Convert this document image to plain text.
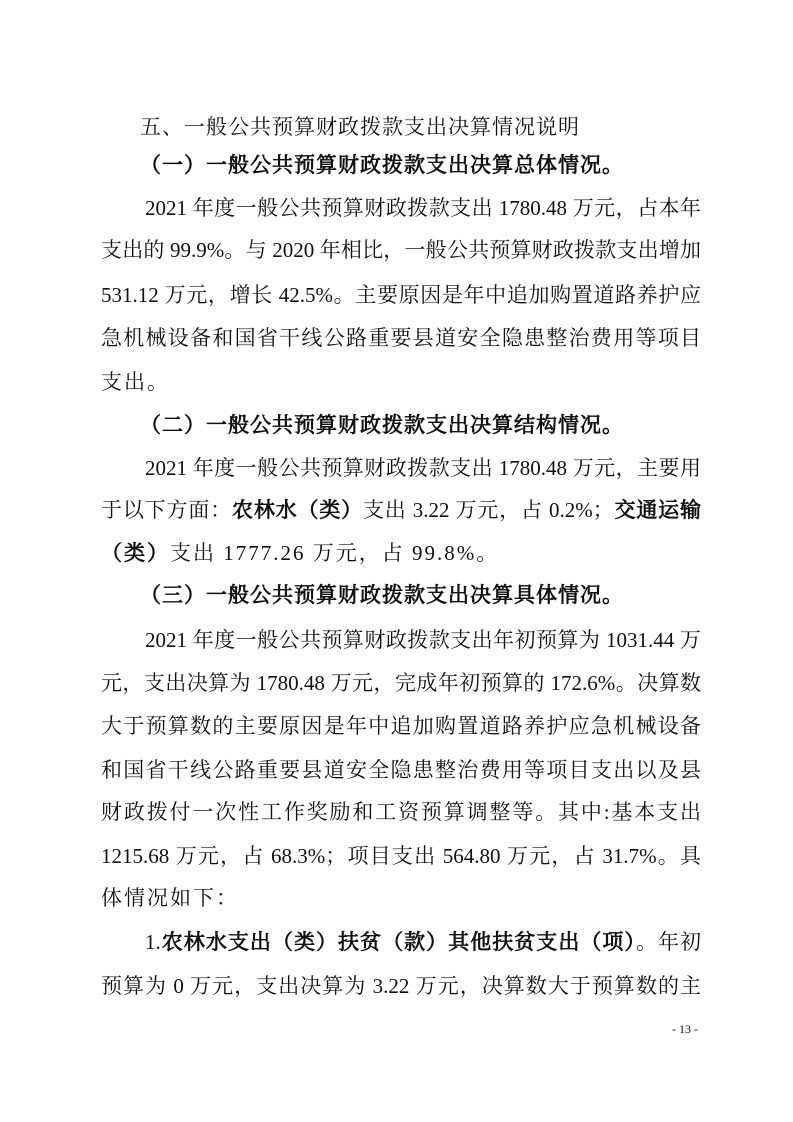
五、一般公共预算财政拨款支出决算情况说明
（一）一般公共预算财政拨款支出决算总体情况。
2021 年度一般公共预算财政拨款支出 1780.48 万元，占本年
支出的 99.9%。与 2020 年相比，一般公共预算财政拨款支出增加
531.12 万元，增长 42.5%。主要原因是年中追加购置道路养护应
急机械设备和国省干线公路重要县道安全隐患整治费用等项目
支出。
（二）一般公共预算财政拨款支出决算结构情况。
2021 年度一般公共预算财政拨款支出 1780.48 万元，主要用
于以下方面：农林水（类）支出 3.22 万元，占 0.2%；交通运输
（类）支出 1777.26 万元，占 99.8%。
（三）一般公共预算财政拨款支出决算具体情况。
2021 年度一般公共预算财政拨款支出年初预算为 1031.44 万
元，支出决算为 1780.48 万元，完成年初预算的 172.6%。决算数
大于预算数的主要原因是年中追加购置道路养护应急机械设备
和国省干线公路重要县道安全隐患整治费用等项目支出以及县
财政拨付一次性工作奖励和工资预算调整等。其中:基本支出
1215.68 万元，占 68.3%；项目支出 564.80 万元，占 31.7%。具
体情况如下：
1.农林水支出（类）扶贫（款）其他扶贫支出（项）。年初
预算为 0 万元，支出决算为 3.22 万元，决算数大于预算数的主
- 13 -
